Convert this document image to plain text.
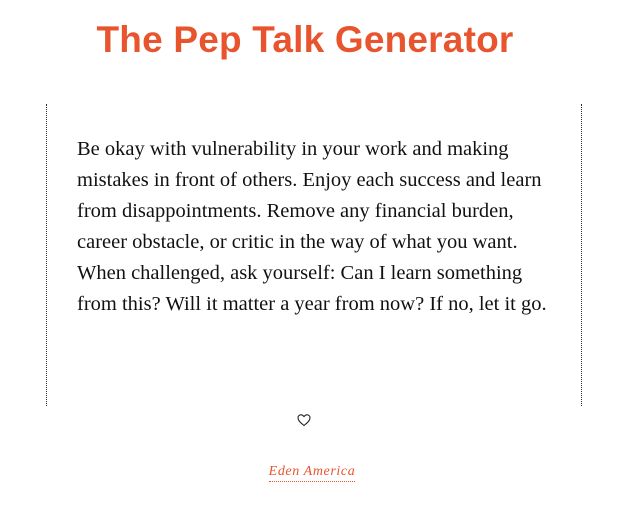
The Pep Talk Generator

Be okay with vulnerability in your work and making mistakes in front of others. Enjoy each success and learn from disappointments. Remove any financial burden, career obstacle, or critic in the way of what you want. When challenged, ask yourself: Can I learn something from this? Will it matter a year from now? If no, let it go.

Eden America
